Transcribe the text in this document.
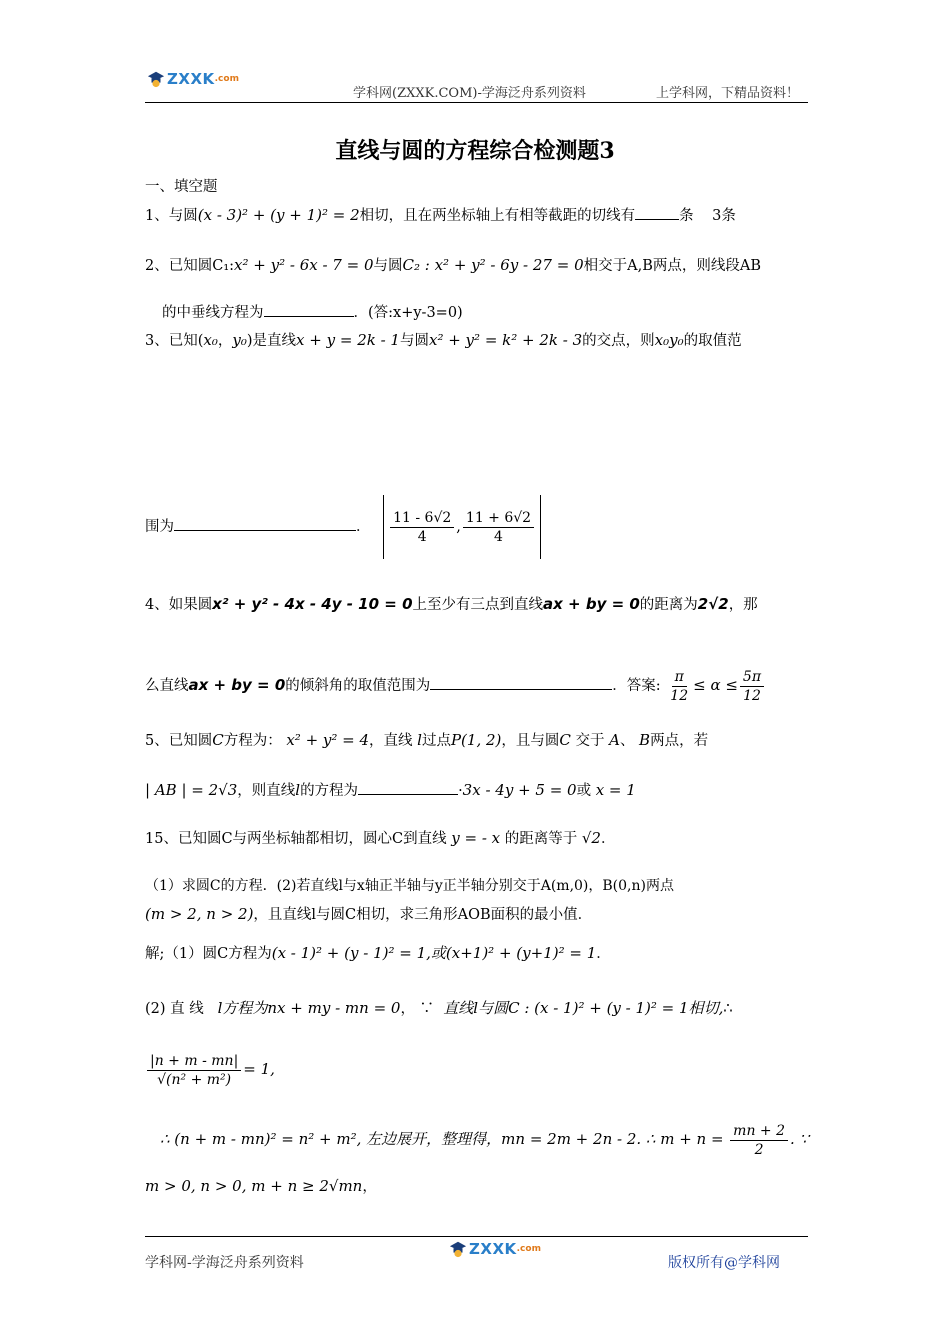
ZXXK .com
学科网(ZXXK.COM)-学海泛舟系列资料	上学科网，下精品资料！
直线与圆的方程综合检测题3
一、填空题
1、与圆(x - 3)² + (y + 1)² = 2相切，且在两坐标轴上有相等截距的切线有	条 3条
2、已知圆C₁:x² + y² - 6x - 7 = 0与圆C₂ : x² + y² - 6y - 27 = 0相交于A,B两点，则线段AB
的中垂线方程为	．(答:x+y-3=0)
3、已知(x₀，y₀)是直线x + y = 2k - 1与圆x² + y² = k² + 2k - 3的交点，则x₀y₀的取值范
围为	． $\frac{11 - 6√2}{4}$ , $\frac{11 + 6√2}{4}$
4、如果圆x² + y² - 4x - 4y - 10 = 0上至少有三点到直线ax + by = 0的距离为2√2，那
么直线ax + by = 0的倾斜角的取值范围为	．答案: $\frac{\pi}{12} \le \alpha \le \frac{5\pi}{12}$
5、已知圆C方程为： x² + y² = 4，直线 l过点P(1, 2)，且与圆C 交于 A、 B两点，若
| AB | = 2√3，则直线l的方程为	·3x - 4y + 5 = 0或 x = 1
15、已知圆C与两坐标轴都相切，圆心C到直线 y = - x 的距离等于 √2．
（1）求圆C的方程．(2)若直线l与x轴正半轴与y正半轴分别交于A(m,0)，B(0,n)两点
(m > 2, n > 2)，且直线l与圆C相切，求三角形AOB面积的最小值．
解;（1）圆C方程为(x - 1)² + (y - 1)² = 1,或(x+1)² + (y+1)² = 1．
(2) 直 线 l方程为nx + my - mn = 0， ∵ 直线l与圆C : (x - 1)² + (y - 1)² = 1相切,∴
$\frac{|n + m - mn|}{\text{√(n² + m²)}} = 1$,
∴ (n + m - mn)² = n² + m², 左边展开，整理得，mn = 2m + 2n - 2. ∴ $m + n = \frac{mn + 2}{2}$ . ∵
m > 0, n > 0, m + n ≥ 2√mn，
学科网-学海泛舟系列资料
ZXXK .com
版权所有@学科网
